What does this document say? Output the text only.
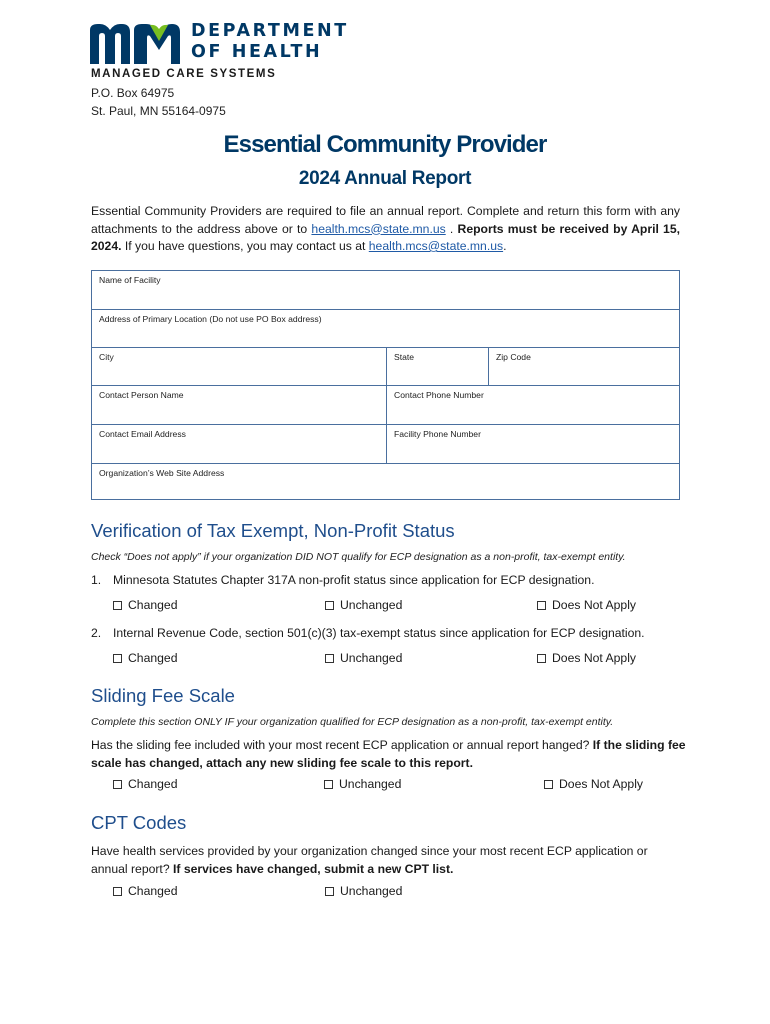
DEPARTMENT
OF HEALTH
MANAGED CARE SYSTEMS
P.O. Box 64975
St. Paul, MN 55164-0975
Essential Community Provider
2024 Annual Report
Essential Community Providers are required to file an annual report. Complete and return this form with any attachments to the address above or to health.mcs@state.mn.us . Reports must be received by April 15, 2024. If you have questions, you may contact us at health.mcs@state.mn.us.
Name of Facility
Address of Primary Location (Do not use PO Box address)
City	State	Zip Code
Contact Person Name	Contact Phone Number
Contact Email Address	Facility Phone Number
Organization’s Web Site Address
Verification of Tax Exempt, Non-Profit Status
Check “Does not apply” if your organization DID NOT qualify for ECP designation as a non-profit, tax-exempt entity.
1. Minnesota Statutes Chapter 317A non-profit status since application for ECP designation.
Changed	Unchanged	Does Not Apply
2. Internal Revenue Code, section 501(c)(3) tax-exempt status since application for ECP designation.
Changed	Unchanged	Does Not Apply
Sliding Fee Scale
Complete this section ONLY IF your organization qualified for ECP designation as a non-profit, tax-exempt entity.
Has the sliding fee included with your most recent ECP application or annual report hanged? If the sliding fee scale has changed, attach any new sliding fee scale to this report.
Changed	Unchanged	Does Not Apply
CPT Codes
Have health services provided by your organization changed since your most recent ECP application or annual report? If services have changed, submit a new CPT list.
Changed	Unchanged
